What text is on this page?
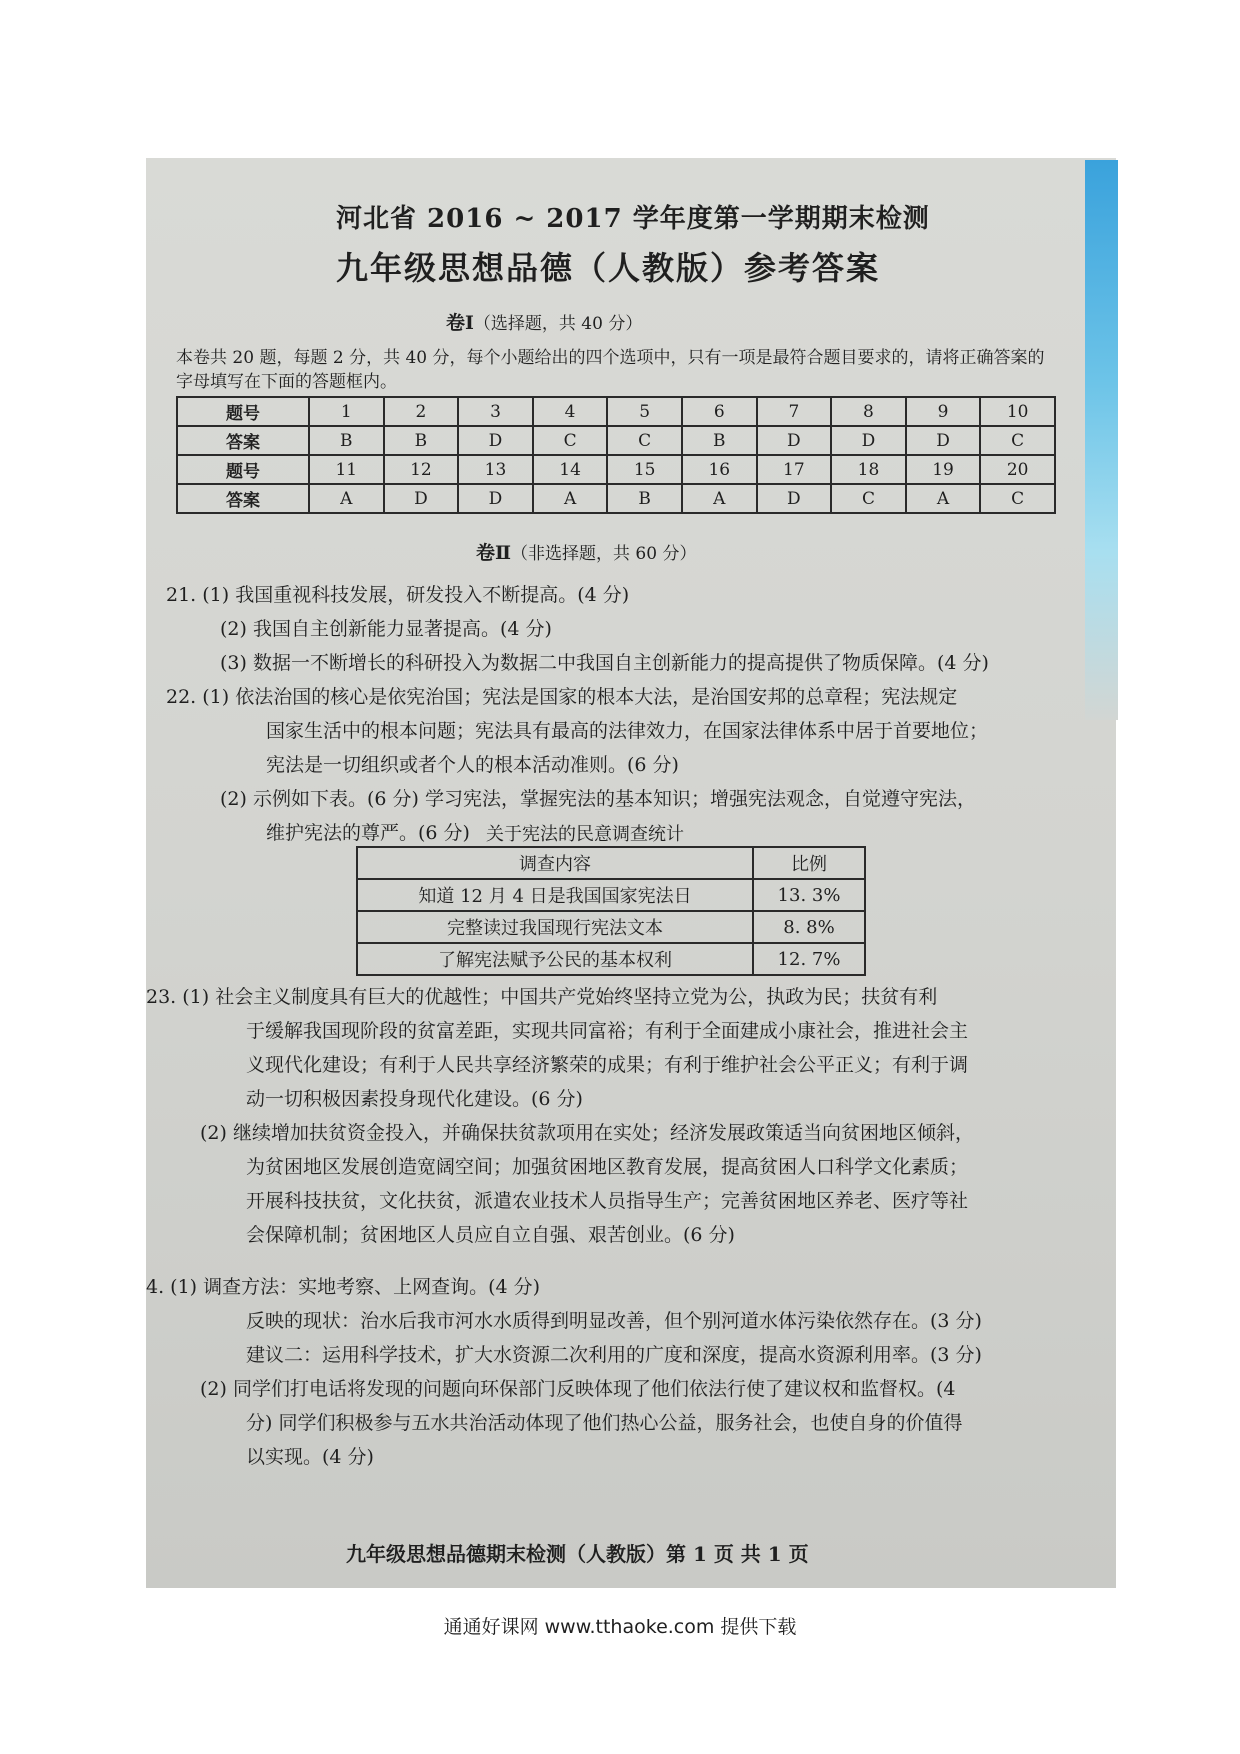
河北省 2016 ~ 2017 学年度第一学期期末检测
九年级思想品德（人教版）参考答案
卷Ⅰ（选择题，共 40 分）
本卷共 20 题，每题 2 分，共 40 分，每个小题给出的四个选项中，只有一项是最符合题目要求的，请将正确答案的字母填写在下面的答题框内。
题号	1	2	3	4	5	6	7	8	9	10
答案	B	B	D	C	C	B	D	D	D	C
题号	11	12	13	14	15	16	17	18	19	20
答案	A	D	D	A	B	A	D	C	A	C
卷Ⅱ（非选择题，共 60 分）
21. (1) 我国重视科技发展，研发投入不断提高。(4 分)
(2) 我国自主创新能力显著提高。(4 分)
(3) 数据一不断增长的科研投入为数据二中我国自主创新能力的提高提供了物质保障。(4 分)
22. (1) 依法治国的核心是依宪治国；宪法是国家的根本大法，是治国安邦的总章程；宪法规定
国家生活中的根本问题；宪法具有最高的法律效力，在国家法律体系中居于首要地位；
宪法是一切组织或者个人的根本活动准则。(6 分)
(2) 示例如下表。(6 分) 学习宪法，掌握宪法的基本知识；增强宪法观念，自觉遵守宪法，
维护宪法的尊严。(6 分) 关于宪法的民意调查统计
调查内容	比例
知道 12 月 4 日是我国国家宪法日	13. 3%
完整读过我国现行宪法文本	8. 8%
了解宪法赋予公民的基本权利	12. 7%
23. (1) 社会主义制度具有巨大的优越性；中国共产党始终坚持立党为公，执政为民；扶贫有利
于缓解我国现阶段的贫富差距，实现共同富裕；有利于全面建成小康社会，推进社会主
义现代化建设；有利于人民共享经济繁荣的成果；有利于维护社会公平正义；有利于调
动一切积极因素投身现代化建设。(6 分)
(2) 继续增加扶贫资金投入，并确保扶贫款项用在实处；经济发展政策适当向贫困地区倾斜，
为贫困地区发展创造宽阔空间；加强贫困地区教育发展，提高贫困人口科学文化素质；
开展科技扶贫，文化扶贫，派遣农业技术人员指导生产；完善贫困地区养老、医疗等社
会保障机制；贫困地区人员应自立自强、艰苦创业。(6 分)
4. (1) 调查方法：实地考察、上网查询。(4 分)
反映的现状：治水后我市河水水质得到明显改善，但个别河道水体污染依然存在。(3 分)
建议二：运用科学技术，扩大水资源二次利用的广度和深度，提高水资源利用率。(3 分)
(2) 同学们打电话将发现的问题向环保部门反映体现了他们依法行使了建议权和监督权。(4
分) 同学们积极参与五水共治活动体现了他们热心公益，服务社会，也使自身的价值得
以实现。(4 分)
九年级思想品德期末检测（人教版）第 1 页 共 1 页
通通好课网 www.tthaoke.com 提供下载
